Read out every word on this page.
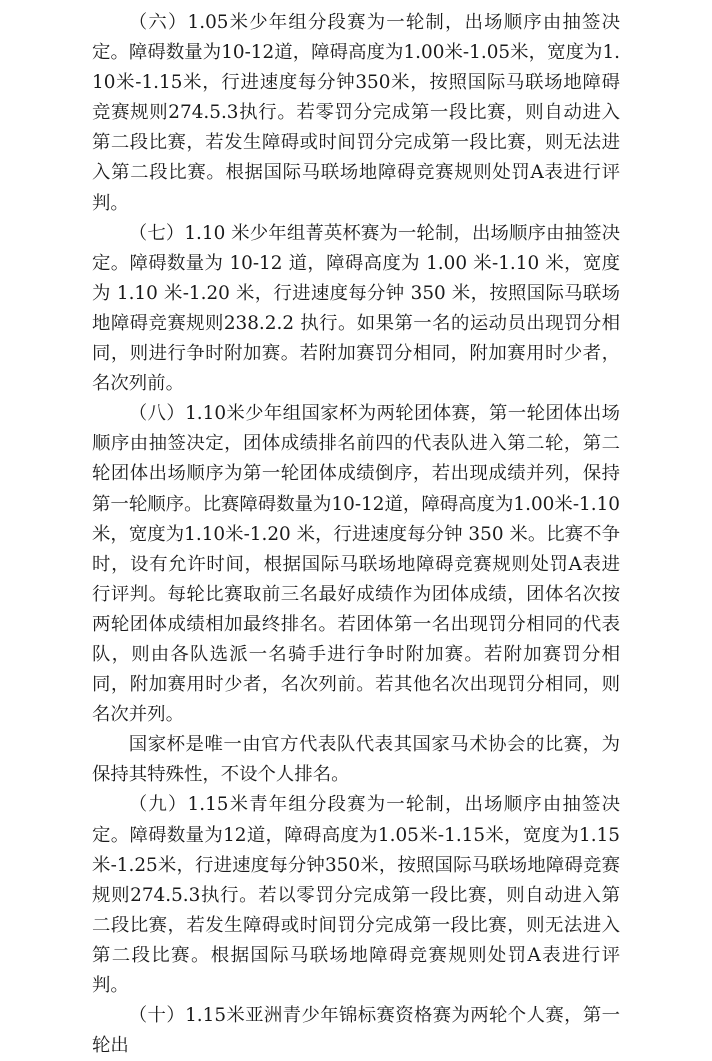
（六）1.05米少年组分段赛为一轮制，出场顺序由抽签决定。障碍数量为10-12道，障碍高度为1.00米-1.05米，宽度为1.10米-1.15米，行进速度每分钟350米，按照国际马联场地障碍竞赛规则274.5.3执行。若零罚分完成第一段比赛，则自动进入第二段比赛，若发生障碍或时间罚分完成第一段比赛，则无法进入第二段比赛。根据国际马联场地障碍竞赛规则处罚A表进行评判。

（七）1.10 米少年组菁英杯赛为一轮制，出场顺序由抽签决定。障碍数量为 10-12 道，障碍高度为 1.00 米-1.10 米，宽度为 1.10 米-1.20 米，行进速度每分钟 350 米，按照国际马联场地障碍竞赛规则238.2.2 执行。如果第一名的运动员出现罚分相同，则进行争时附加赛。若附加赛罚分相同，附加赛用时少者，名次列前。

（八）1.10米少年组国家杯为两轮团体赛，第一轮团体出场顺序由抽签决定，团体成绩排名前四的代表队进入第二轮，第二轮团体出场顺序为第一轮团体成绩倒序，若出现成绩并列，保持第一轮顺序。比赛障碍数量为10-12道，障碍高度为1.00米-1.10米，宽度为1.10米-1.20 米，行进速度每分钟 350 米。比赛不争时，设有允许时间，根据国际马联场地障碍竞赛规则处罚A表进行评判。每轮比赛取前三名最好成绩作为团体成绩，团体名次按两轮团体成绩相加最终排名。若团体第一名出现罚分相同的代表队，则由各队选派一名骑手进行争时附加赛。若附加赛罚分相同，附加赛用时少者，名次列前。若其他名次出现罚分相同，则名次并列。

国家杯是唯一由官方代表队代表其国家马术协会的比赛，为保持其特殊性，不设个人排名。

（九）1.15米青年组分段赛为一轮制，出场顺序由抽签决定。障碍数量为12道，障碍高度为1.05米-1.15米，宽度为1.15米-1.25米，行进速度每分钟350米，按照国际马联场地障碍竞赛规则274.5.3执行。若以零罚分完成第一段比赛，则自动进入第二段比赛，若发生障碍或时间罚分完成第一段比赛，则无法进入第二段比赛。根据国际马联场地障碍竞赛规则处罚A表进行评判。

（十）1.15米亚洲青少年锦标赛资格赛为两轮个人赛，第一轮出
